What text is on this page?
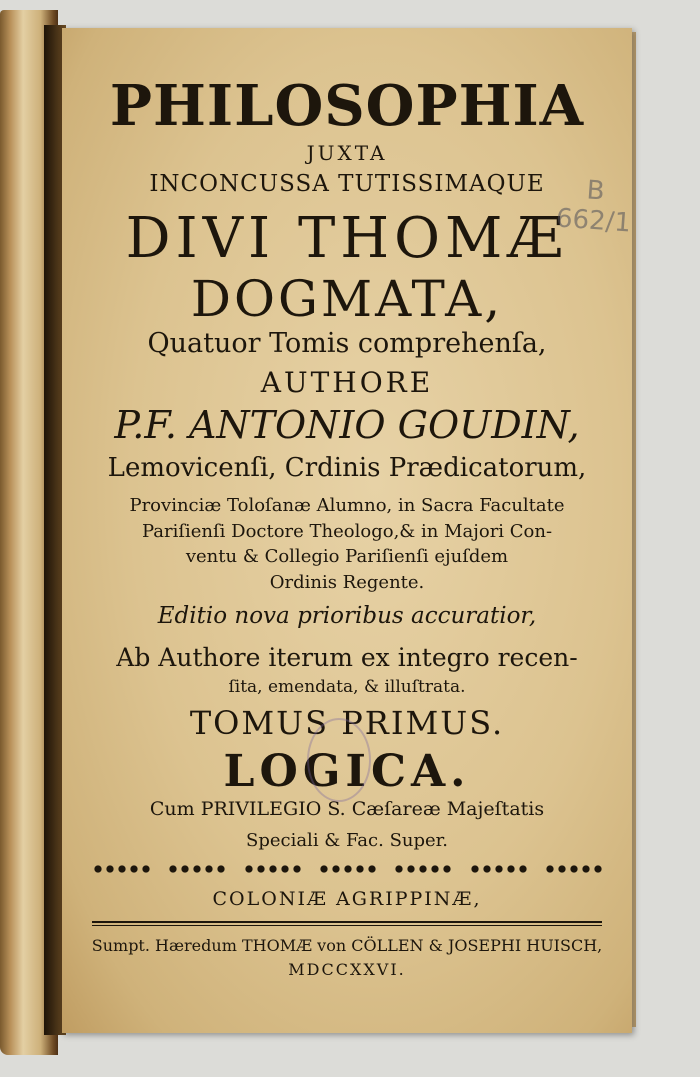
PHILOSOPHIA
JUXTA
INCONCUSSA TUTISSIMAQUE
DIVI THOMÆ
DOGMATA,
Quatuor Tomis comprehenſa,
AUTHORE
P.F. ANTONIO GOUDIN,
Lemovicenſi, Crdinis Prædicatorum,
Provinciæ Toloſanæ Alumno, in Sacra Facultate
Pariſienſi Doctore Theologo,& in Majori Con-
ventu & Collegio Pariſienſi ejuſdem
Ordinis Regente.
Editio nova prioribus accuratior,
Ab Authore iterum ex integro recen-
ſita, emendata, & illuſtrata.
TOMUS PRIMUS.
LOGICA.
Cum PRIVILEGIO S. Cæſareæ Majeſtatis
Speciali & Fac. Super.
COLONIÆ AGRIPPINÆ,
Sumpt. Hæredum THOMÆ von CÖLLEN & JOSEPHI HUISCH,
MDCCXXVI.
B 662/1
